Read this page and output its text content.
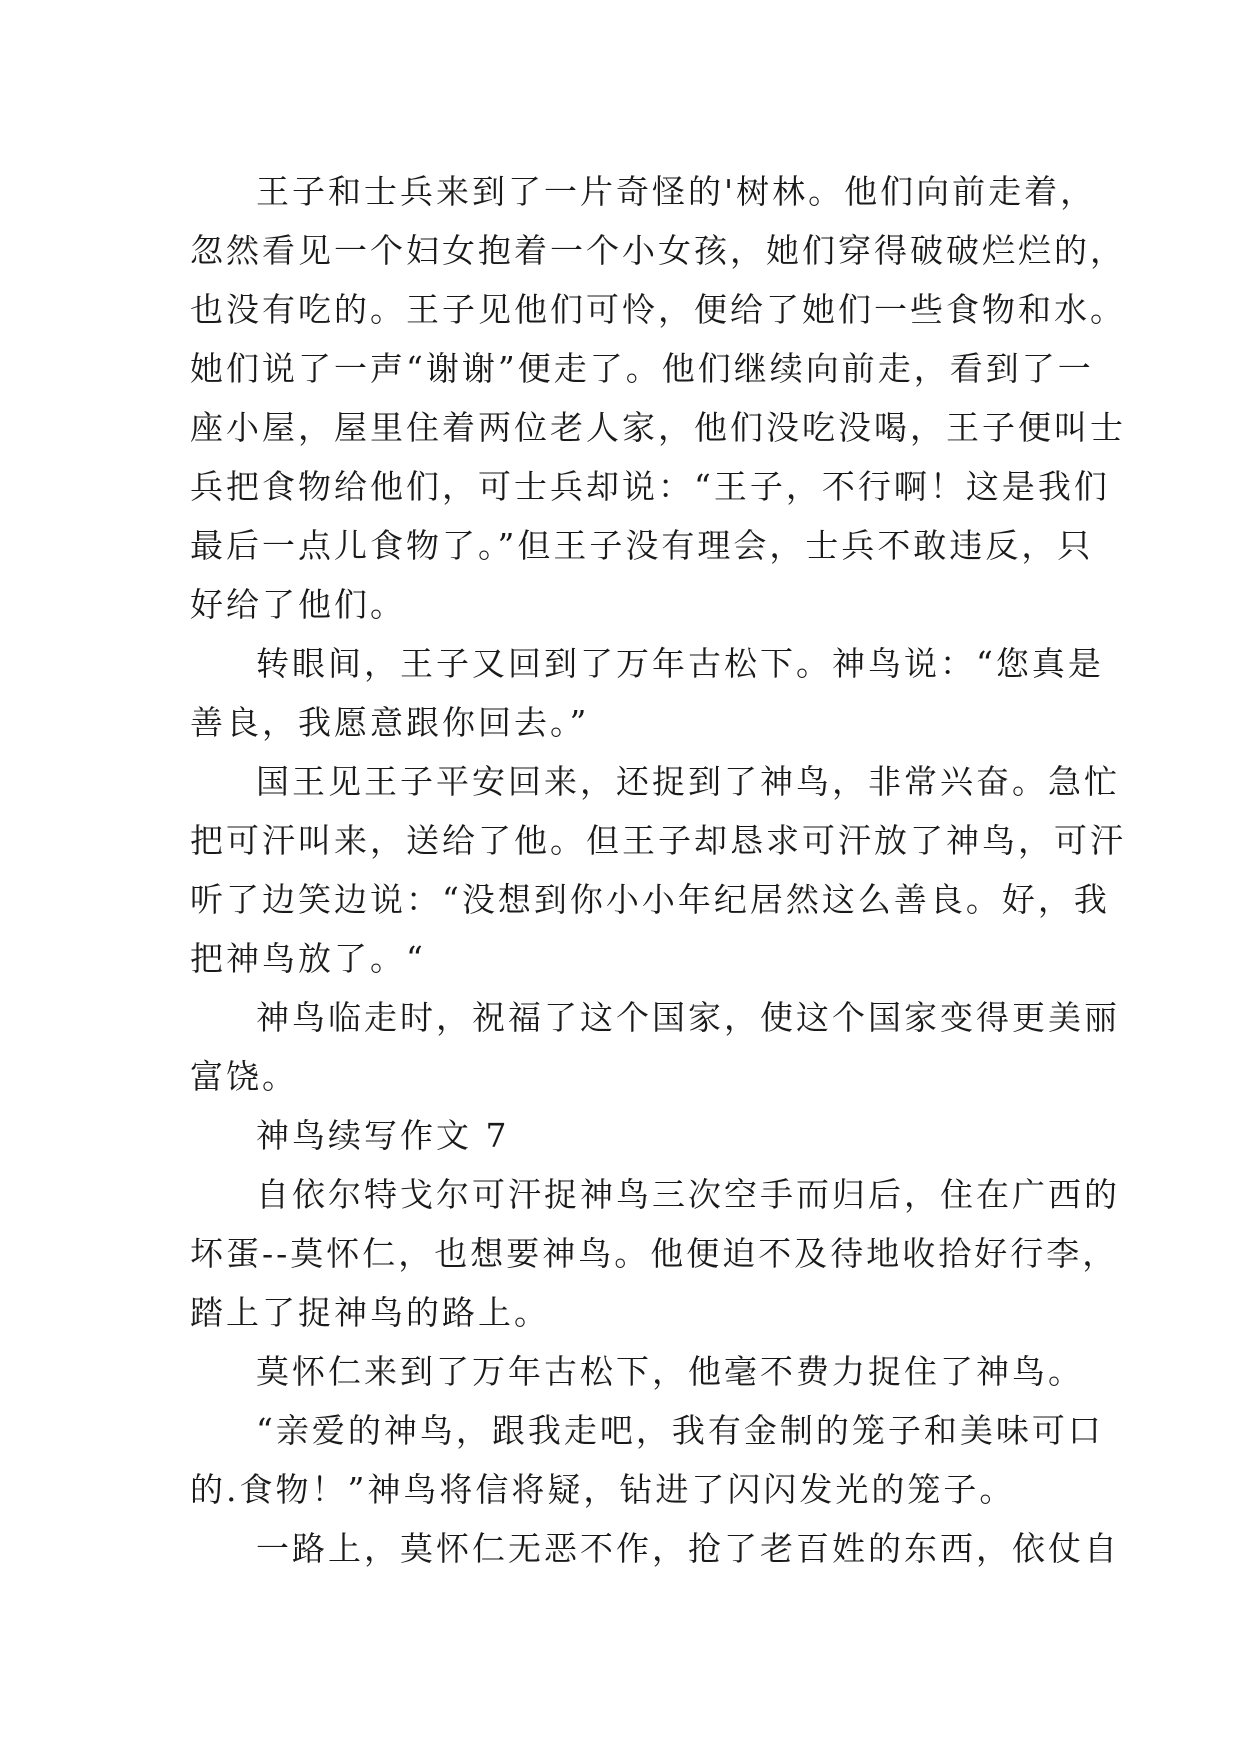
王子和士兵来到了一片奇怪的'树林。他们向前走着，
忽然看见一个妇女抱着一个小女孩，她们穿得破破烂烂的，
也没有吃的。王子见他们可怜，便给了她们一些食物和水。
她们说了一声“谢谢”便走了。他们继续向前走，看到了一
座小屋，屋里住着两位老人家，他们没吃没喝，王子便叫士
兵把食物给他们，可士兵却说：“王子，不行啊！这是我们
最后一点儿食物了。”但王子没有理会，士兵不敢违反，只
好给了他们。
转眼间，王子又回到了万年古松下。神鸟说：“您真是
善良，我愿意跟你回去。”
国王见王子平安回来，还捉到了神鸟，非常兴奋。急忙
把可汗叫来，送给了他。但王子却恳求可汗放了神鸟，可汗
听了边笑边说：“没想到你小小年纪居然这么善良。好，我
把神鸟放了。“
神鸟临走时，祝福了这个国家，使这个国家变得更美丽
富饶。
神鸟续写作文 7
自依尔特戈尔可汗捉神鸟三次空手而归后，住在广西的
坏蛋--莫怀仁，也想要神鸟。他便迫不及待地收拾好行李，
踏上了捉神鸟的路上。
莫怀仁来到了万年古松下，他毫不费力捉住了神鸟。
“亲爱的神鸟，跟我走吧，我有金制的笼子和美味可口
的.食物！”神鸟将信将疑，钻进了闪闪发光的笼子。
一路上，莫怀仁无恶不作，抢了老百姓的东西，依仗自
